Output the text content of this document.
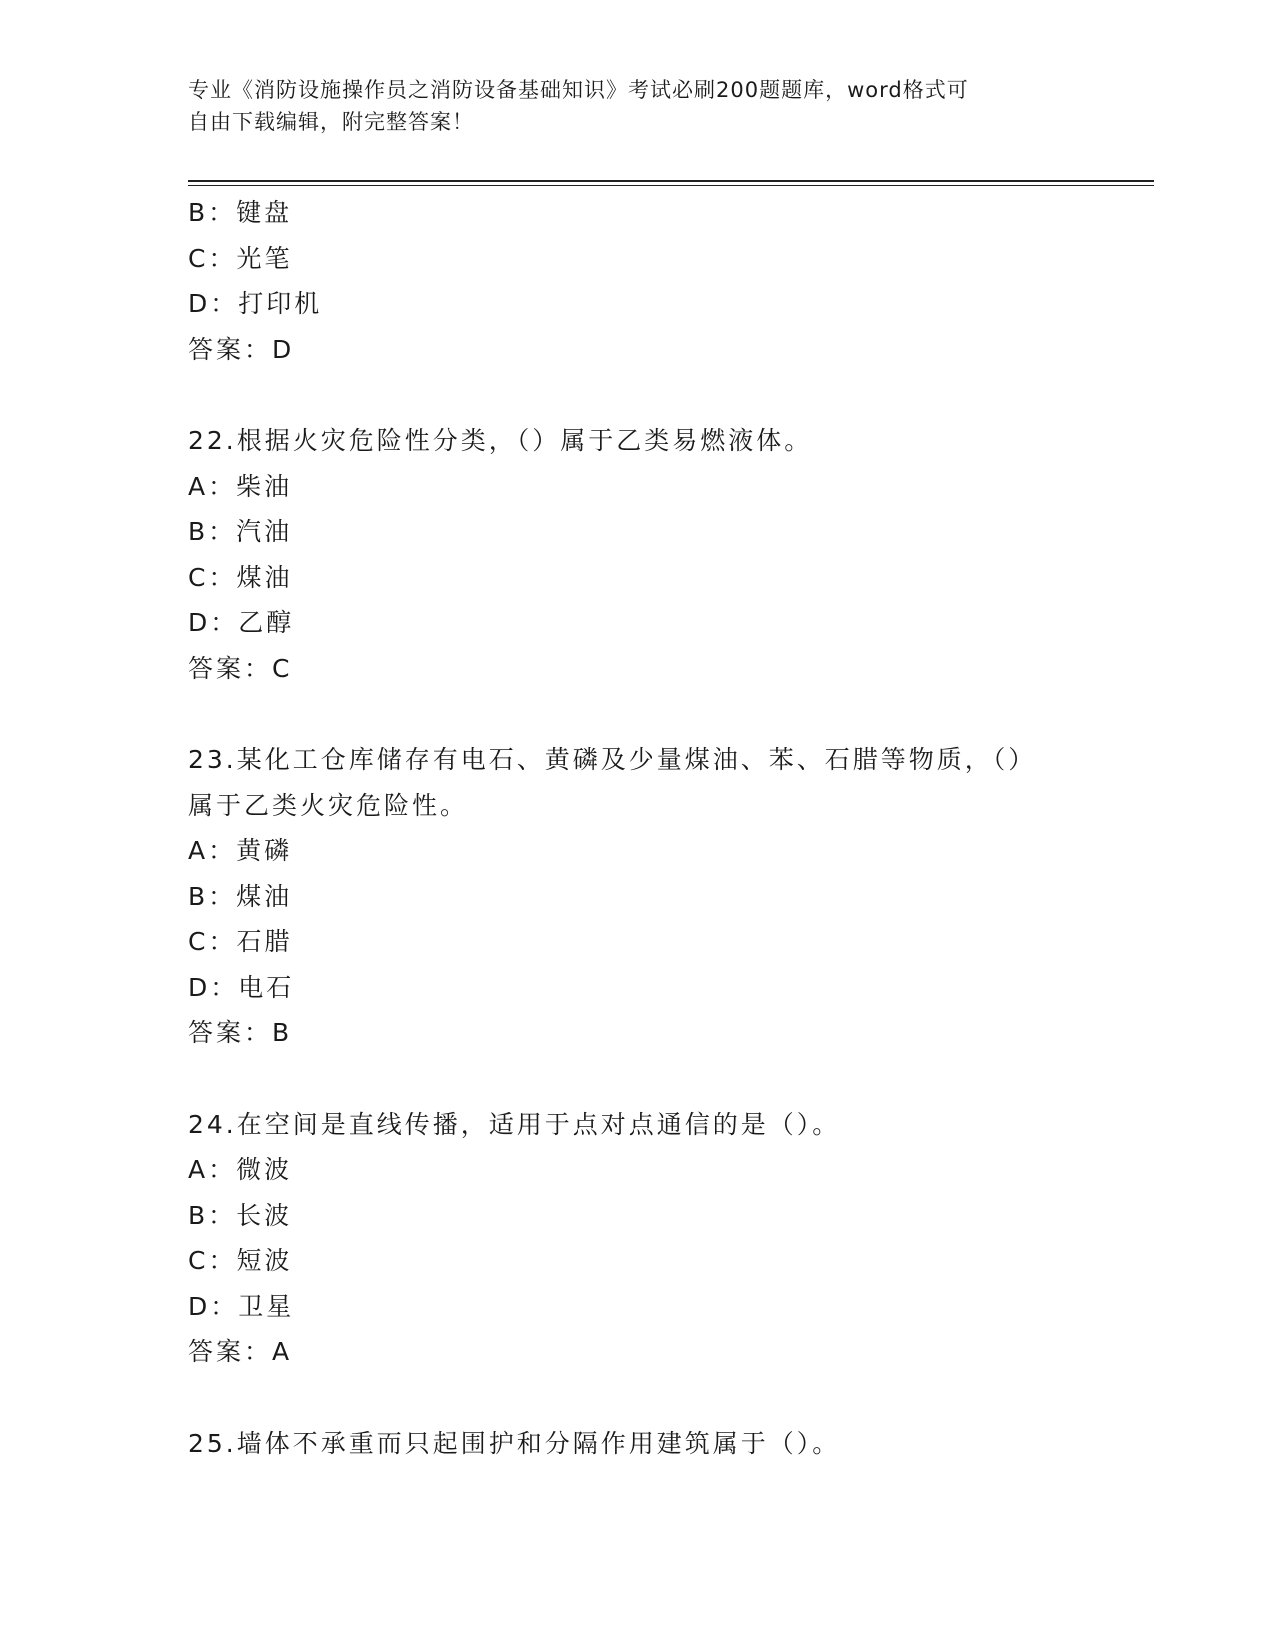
专业《消防设施操作员之消防设备基础知识》考试必刷200题题库，word格式可
自由下载编辑，附完整答案！
B：键盘
C：光笔
D：打印机
答案：D
22.根据火灾危险性分类，（）属于乙类易燃液体。
A：柴油
B：汽油
C：煤油
D：乙醇
答案：C
23.某化工仓库储存有电石、黄磷及少量煤油、苯、石腊等物质，（）
属于乙类火灾危险性。
A：黄磷
B：煤油
C：石腊
D：电石
答案：B
24.在空间是直线传播，适用于点对点通信的是（）。
A：微波
B：长波
C：短波
D：卫星
答案：A
25.墙体不承重而只起围护和分隔作用建筑属于（）。
